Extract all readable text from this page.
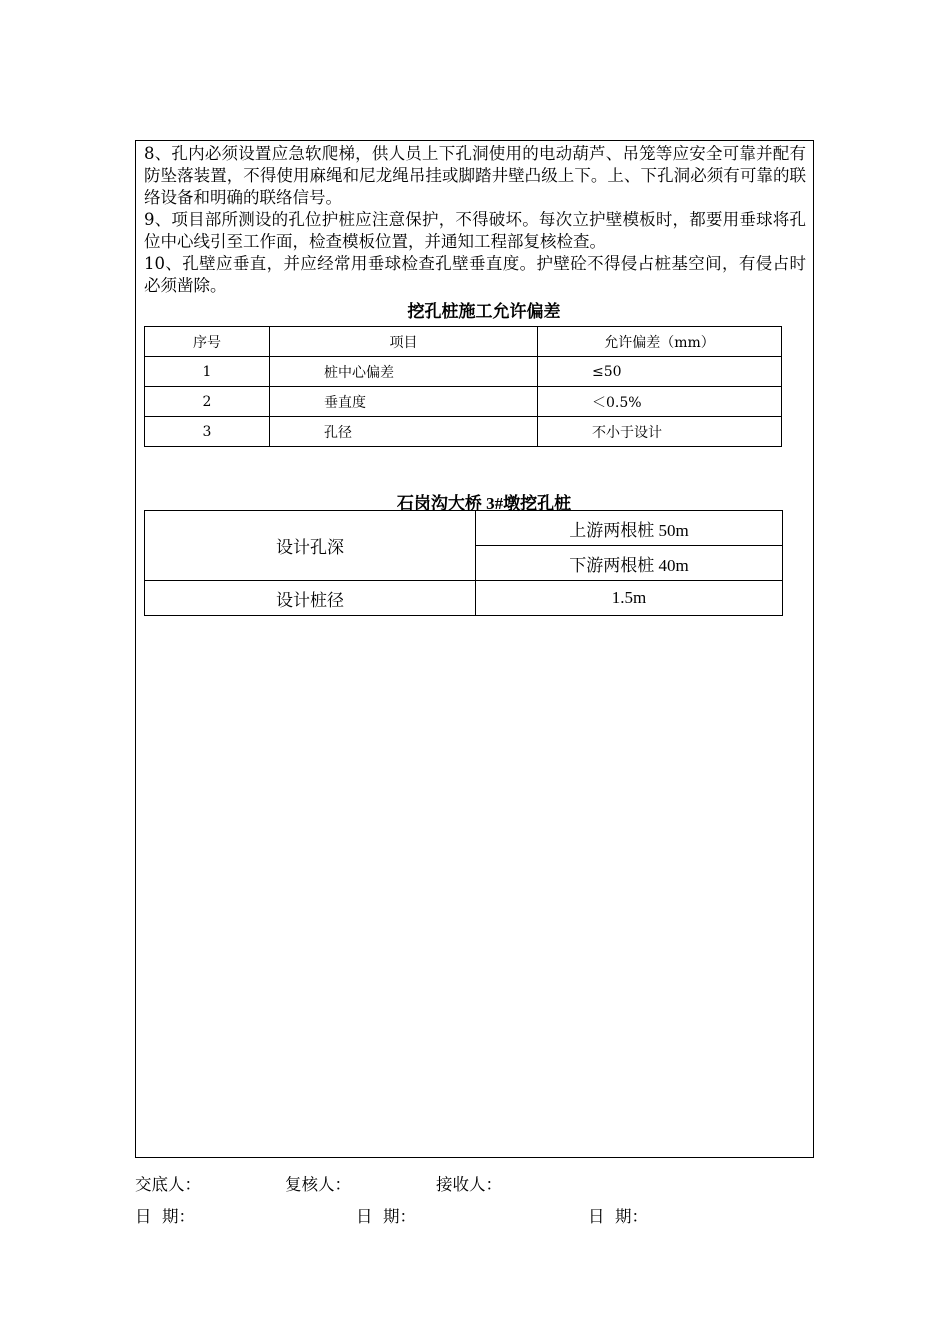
8、孔内必须设置应急软爬梯，供人员上下孔洞使用的电动葫芦、吊笼等应安全可靠并配有防坠落装置，不得使用麻绳和尼龙绳吊挂或脚踏井壁凸级上下。上、下孔洞必须有可靠的联络设备和明确的联络信号。

9、项目部所测设的孔位护桩应注意保护，不得破坏。每次立护壁模板时，都要用垂球将孔位中心线引至工作面，检查模板位置，并通知工程部复核检查。

10、孔壁应垂直，并应经常用垂球检查孔壁垂直度。护壁砼不得侵占桩基空间，有侵占时必须凿除。

挖孔桩施工允许偏差

序号	项目	允许偏差（mm）
1	桩中心偏差	≤50
2	垂直度	＜0.5%
3	孔径	不小于设计

石岗沟大桥 3#墩挖孔桩

设计孔深	上游两根桩 50m
	下游两根桩 40m
设计桩径	1.5m

交底人：	复核人：	接收人：

日  期：	日  期：	日  期：
